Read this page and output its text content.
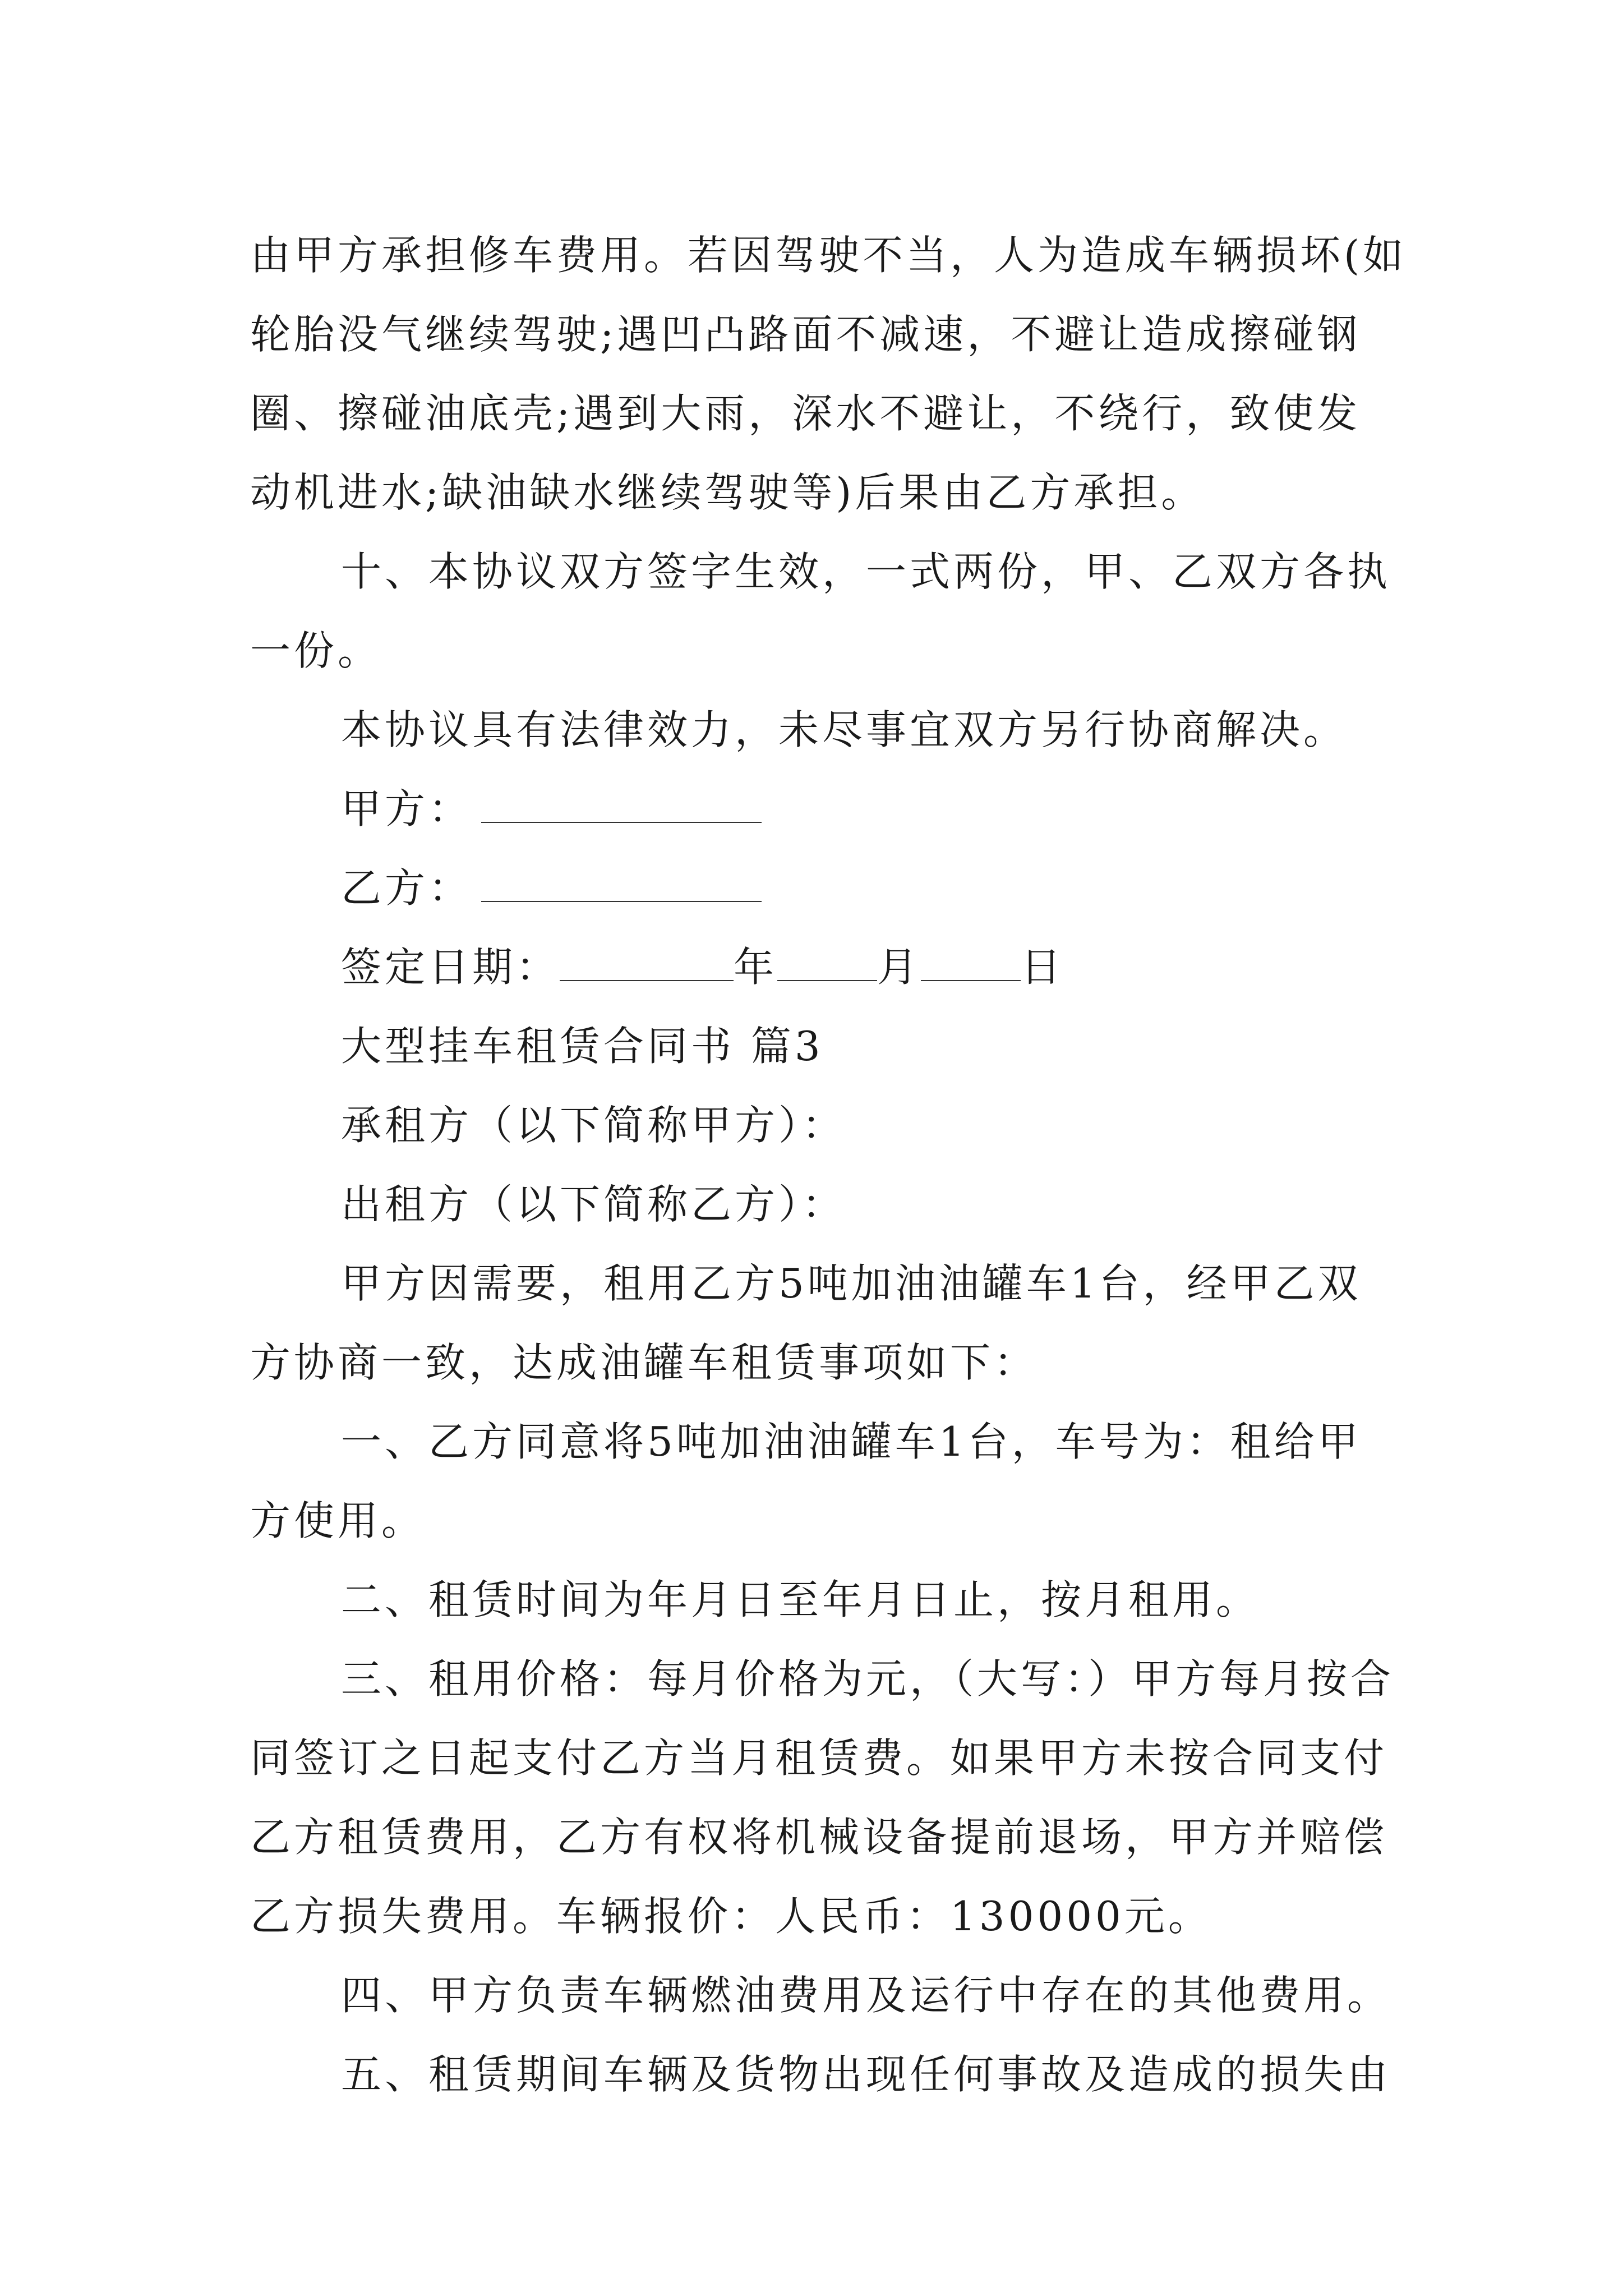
由甲方承担修车费用。若因驾驶不当，人为造成车辆损坏(如
轮胎没气继续驾驶;遇凹凸路面不减速，不避让造成擦碰钢
圈、擦碰油底壳;遇到大雨，深水不避让，不绕行，致使发
动机进水;缺油缺水继续驾驶等)后果由乙方承担。
十、本协议双方签字生效，一式两份，甲、乙双方各执
一份。
本协议具有法律效力，未尽事宜双方另行协商解决。
甲方：
乙方：
签定日期：	年 月 日
大型挂车租赁合同书 篇3
承租方（以下简称甲方）：
出租方（以下简称乙方）：
甲方因需要，租用乙方5吨加油油罐车1台，经甲乙双
方协商一致，达成油罐车租赁事项如下：
一、乙方同意将5吨加油油罐车1台，车号为：租给甲
方使用。
二、租赁时间为年月日至年月日止，按月租用。
三、租用价格：每月价格为元，（大写：）甲方每月按合
同签订之日起支付乙方当月租赁费。如果甲方未按合同支付
乙方租赁费用，乙方有权将机械设备提前退场，甲方并赔偿
乙方损失费用。车辆报价：人民币：130000元。
四、甲方负责车辆燃油费用及运行中存在的其他费用。
五、租赁期间车辆及货物出现任何事故及造成的损失由
